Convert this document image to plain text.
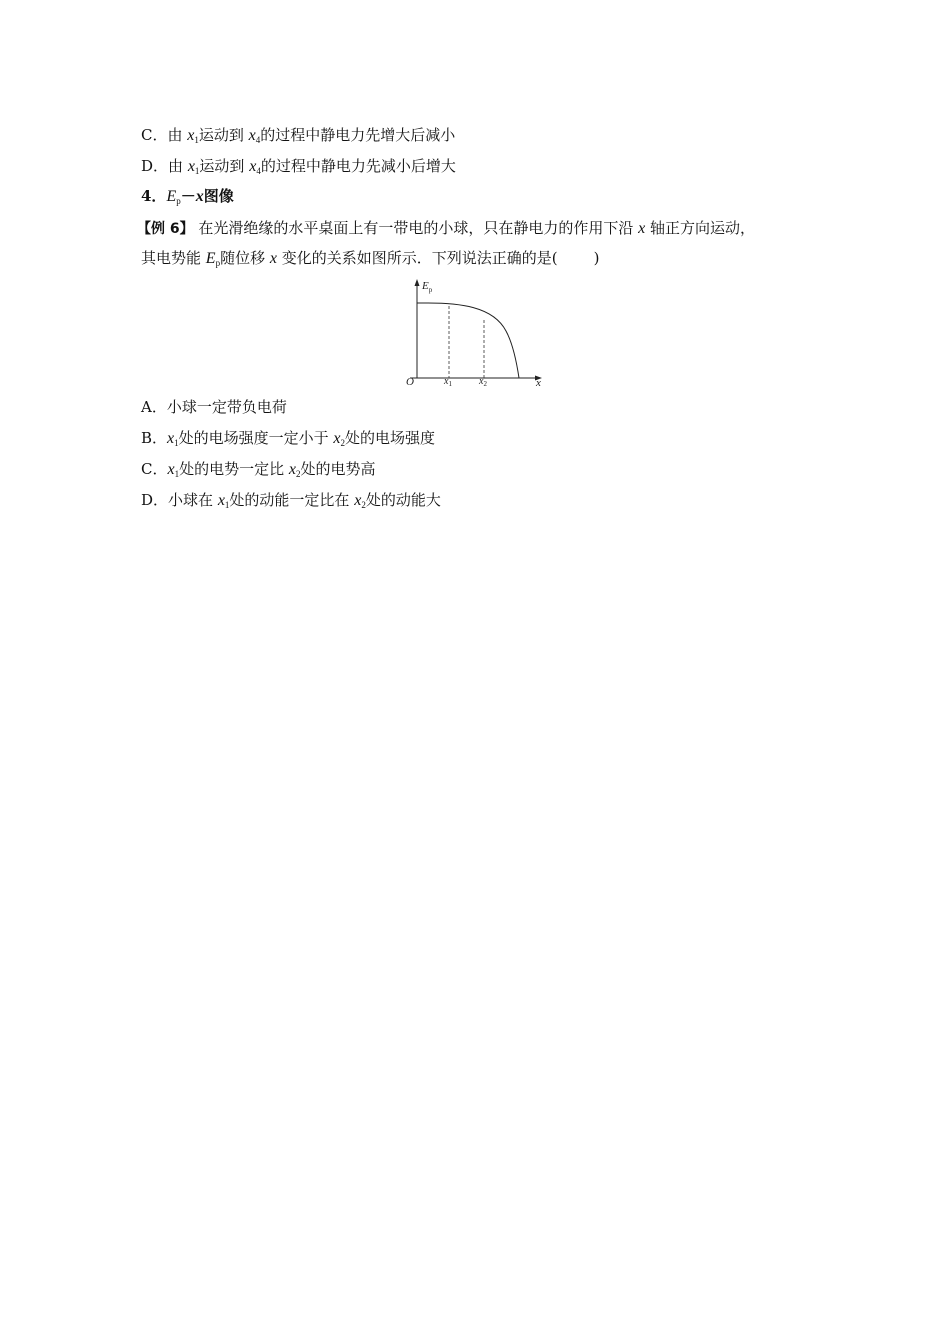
C．由 $x_1$运动到 $x_4$的过程中静电力先增大后减小
D．由 $x_1$运动到 $x_4$的过程中静电力先减小后增大
4．$E_p-x$图像
【例 6】 在光滑绝缘的水平桌面上有一带电的小球，只在静电力的作用下沿 x 轴正方向运动，
其电势能 $E_p$随位移 x 变化的关系如图所示．下列说法正确的是( )
$E_p$
O	$x_1$	$x_2$	x
A．小球一定带负电荷
B．$x_1$处的电场强度一定小于 $x_2$处的电场强度
C．$x_1$处的电势一定比 $x_2$处的电势高
D．小球在 $x_1$处的动能一定比在 $x_2$处的动能大
